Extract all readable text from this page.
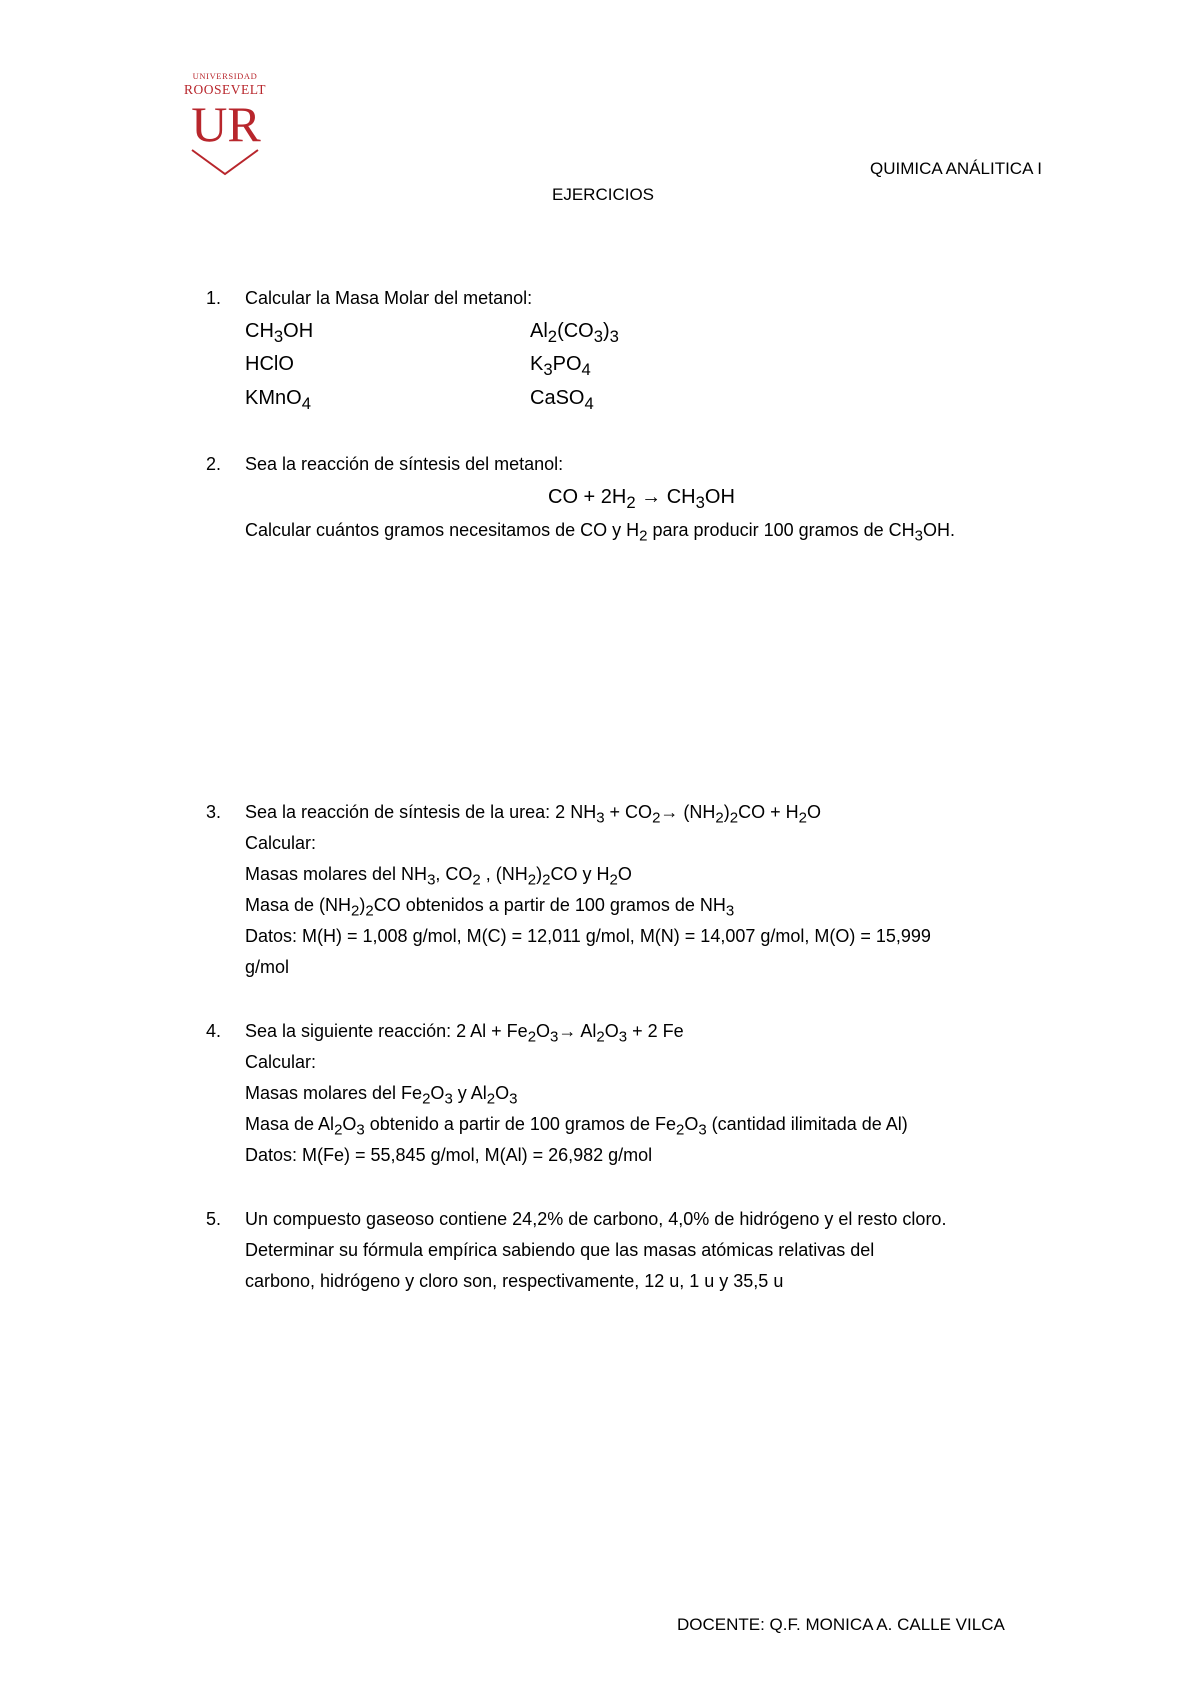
UNIVERSIDAD
ROOSEVELT
UR
QUIMICA ANÁLITICA I
EJERCICIOS
1. Calcular la Masa Molar del metanol:
$CH_3OH$	$Al_2(CO_3)_3$
HClO	$K_3PO_4$
KMnO$_4$	CaSO$_4$
2. Sea la reacción de síntesis del metanol:
CO + $2H_2 \to CH_3OH$
Calcular cuántos gramos necesitamos de CO y $H_2$ para producir 100 gramos de $CH_3OH$.
3. Sea la reacción de síntesis de la urea: 2 $NH_3 + CO_2\to (NH_2)_2CO + H_2O$
Calcular:
Masas molares del $NH_3$, $CO_2$ , $(NH_2)_2CO$ y $H_2O$
Masa de $(NH_2)_2CO$ obtenidos a partir de 100 gramos de $NH_3$
Datos: M(H) = 1,008 g/mol, M(C) = 12,011 g/mol, M(N) = 14,007 g/mol, M(O) = 15,999
g/mol
4. Sea la siguiente reacción: 2 $Al + Fe_2O_3\to Al_2O_3 + 2$ Fe
Calcular:
Masas molares del $Fe_2O_3$ y $Al_2O_3$
Masa de $Al_2O_3$ obtenido a partir de 100 gramos de $Fe_2O_3$ (cantidad ilimitada de Al)
Datos: M(Fe) = 55,845 g/mol, M(Al) = 26,982 g/mol
5. Un compuesto gaseoso contiene 24,2% de carbono, 4,0% de hidrógeno y el resto cloro.
Determinar su fórmula empírica sabiendo que las masas atómicas relativas del
carbono, hidrógeno y cloro son, respectivamente, 12 u, 1 u y 35,5 u
DOCENTE: Q.F. MONICA A. CALLE VILCA
